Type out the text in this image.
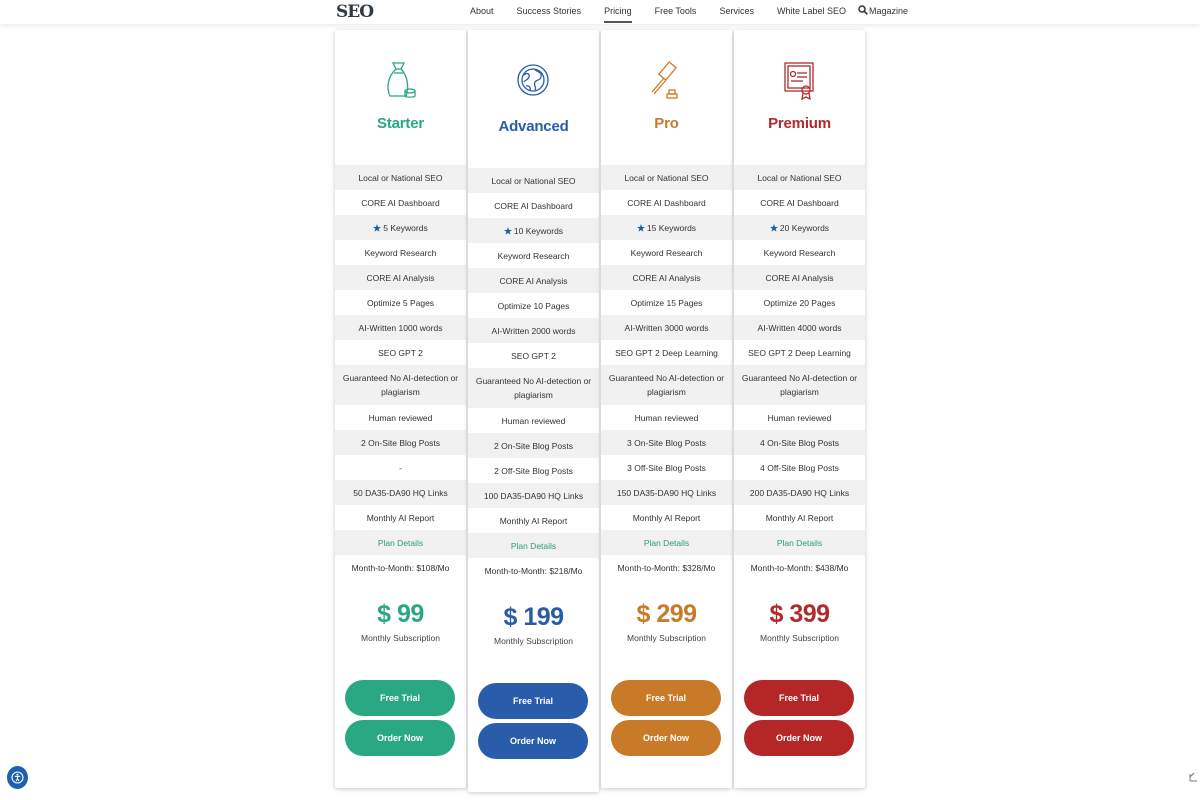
SEO	About	Success Stories	Pricing	Free Tools	Services	White Label SEO	Magazine
Starter
Local or National SEO
CORE AI Dashboard
5 Keywords
Keyword Research
CORE AI Analysis
Optimize 5 Pages
AI-Written 1000 words
SEO GPT 2
Guaranteed No AI-detection or plagiarism
Human reviewed
2 On-Site Blog Posts
-
50 DA35-DA90 HQ Links
Monthly AI Report
Plan Details
Month-to-Month: $108/Mo
$ 99
Monthly Subscription
Free Trial
Order Now
Advanced
Local or National SEO
CORE AI Dashboard
10 Keywords
Keyword Research
CORE AI Analysis
Optimize 10 Pages
AI-Written 2000 words
SEO GPT 2
Guaranteed No AI-detection or plagiarism
Human reviewed
2 On-Site Blog Posts
2 Off-Site Blog Posts
100 DA35-DA90 HQ Links
Monthly AI Report
Plan Details
Month-to-Month: $218/Mo
$ 199
Monthly Subscription
Free Trial
Order Now
Pro
Local or National SEO
CORE AI Dashboard
15 Keywords
Keyword Research
CORE AI Analysis
Optimize 15 Pages
AI-Written 3000 words
SEO GPT 2 Deep Learning
Guaranteed No AI-detection or plagiarism
Human reviewed
3 On-Site Blog Posts
3 Off-Site Blog Posts
150 DA35-DA90 HQ Links
Monthly AI Report
Plan Details
Month-to-Month: $328/Mo
$ 299
Monthly Subscription
Free Trial
Order Now
Premium
Local or National SEO
CORE AI Dashboard
20 Keywords
Keyword Research
CORE AI Analysis
Optimize 20 Pages
AI-Written 4000 words
SEO GPT 2 Deep Learning
Guaranteed No AI-detection or plagiarism
Human reviewed
4 On-Site Blog Posts
4 Off-Site Blog Posts
200 DA35-DA90 HQ Links
Monthly AI Report
Plan Details
Month-to-Month: $438/Mo
$ 399
Monthly Subscription
Free Trial
Order Now
